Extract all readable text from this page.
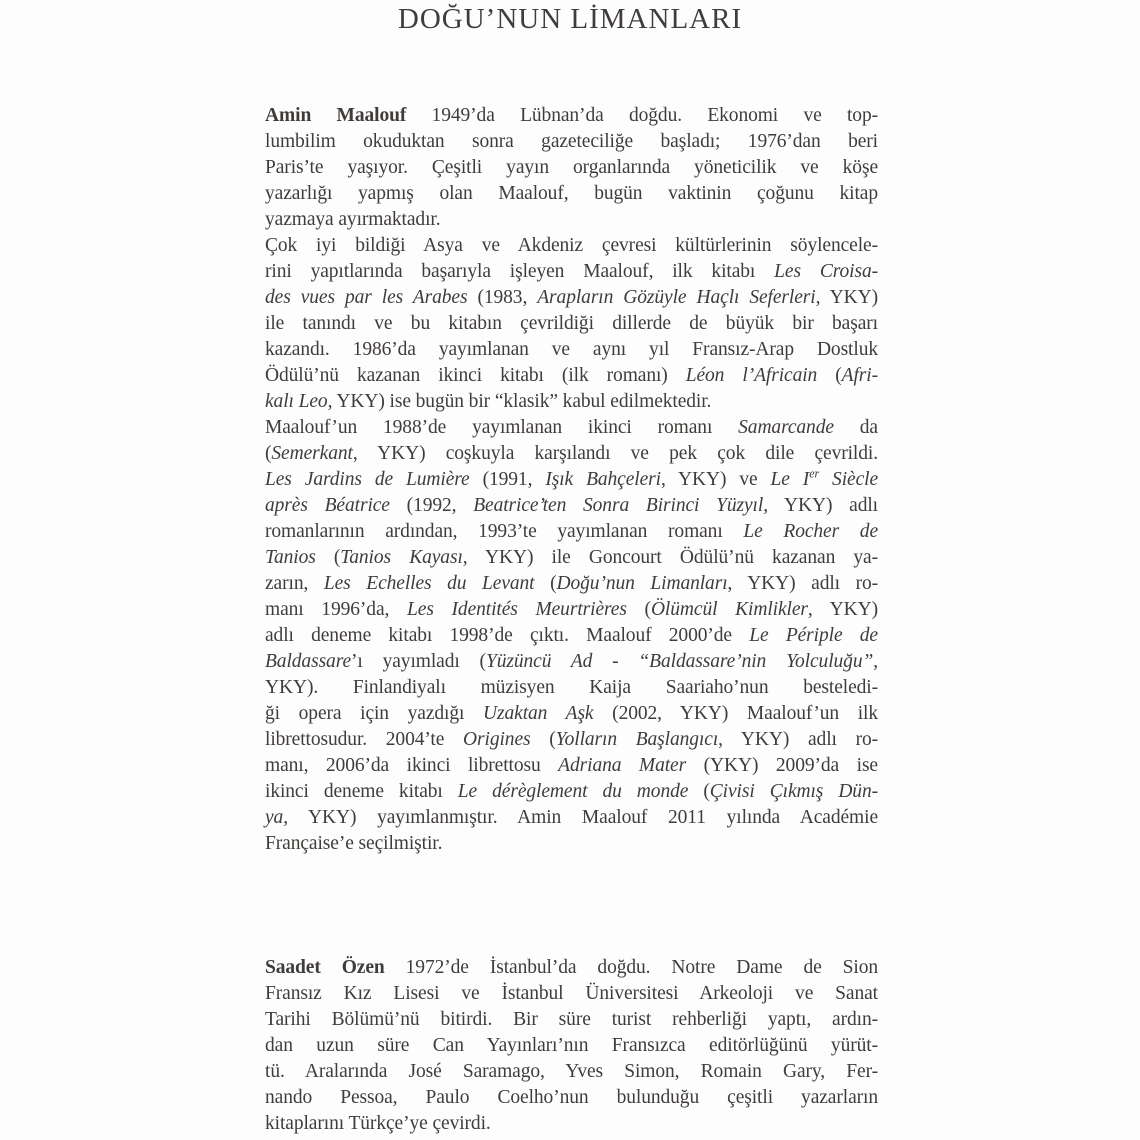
DOĞU’NUN LİMANLARI
Amin Maalouf 1949’da Lübnan’da doğdu. Ekonomi ve top-
lumbilim okuduktan sonra gazeteciliğe başladı; 1976’dan beri
Paris’te yaşıyor. Çeşitli yayın organlarında yöneticilik ve köşe
yazarlığı yapmış olan Maalouf, bugün vaktinin çoğunu kitap
yazmaya ayırmaktadır.
Çok iyi bildiği Asya ve Akdeniz çevresi kültürlerinin söylencele-
rini yapıtlarında başarıyla işleyen Maalouf, ilk kitabı Les Croisa-
des vues par les Arabes (1983, Arapların Gözüyle Haçlı Seferleri, YKY)
ile tanındı ve bu kitabın çevrildiği dillerde de büyük bir başarı
kazandı. 1986’da yayımlanan ve aynı yıl Fransız-Arap Dostluk
Ödülü’nü kazanan ikinci kitabı (ilk romanı) Léon l’Africain (Afri-
kalı Leo, YKY) ise bugün bir “klasik” kabul edilmektedir.
Maalouf’un 1988’de yayımlanan ikinci romanı Samarcande da
(Semerkant, YKY) coşkuyla karşılandı ve pek çok dile çevrildi.
Les Jardins de Lumière (1991, Işık Bahçeleri, YKY) ve Le Ier Siècle
après Béatrice (1992, Beatrice’ten Sonra Birinci Yüzyıl, YKY) adlı
romanlarının ardından, 1993’te yayımlanan romanı Le Rocher de
Tanios (Tanios Kayası, YKY) ile Goncourt Ödülü’nü kazanan ya-
zarın, Les Echelles du Levant (Doğu’nun Limanları, YKY) adlı ro-
manı 1996’da, Les Identités Meurtrières (Ölümcül Kimlikler, YKY)
adlı deneme kitabı 1998’de çıktı. Maalouf 2000’de Le Périple de
Baldassare’ı yayımladı (Yüzüncü Ad - “Baldassare’nin Yolculuğu”,
YKY). Finlandiyalı müzisyen Kaija Saariaho’nun besteledi-
ği opera için yazdığı Uzaktan Aşk (2002, YKY) Maalouf’un ilk
librettosudur. 2004’te Origines (Yolların Başlangıcı, YKY) adlı ro-
manı, 2006’da ikinci librettosu Adriana Mater (YKY) 2009’da ise
ikinci deneme kitabı Le dérèglement du monde (Çivisi Çıkmış Dün-
ya, YKY) yayımlanmıştır. Amin Maalouf 2011 yılında Académie
Française’e seçilmiştir.
Saadet Özen 1972’de İstanbul’da doğdu. Notre Dame de Sion
Fransız Kız Lisesi ve İstanbul Üniversitesi Arkeoloji ve Sanat
Tarihi Bölümü’nü bitirdi. Bir süre turist rehberliği yaptı, ardın-
dan uzun süre Can Yayınları’nın Fransızca editörlüğünü yürüt-
tü. Aralarında José Saramago, Yves Simon, Romain Gary, Fer-
nando Pessoa, Paulo Coelho’nun bulunduğu çeşitli yazarların
kitaplarını Türkçe’ye çevirdi.
